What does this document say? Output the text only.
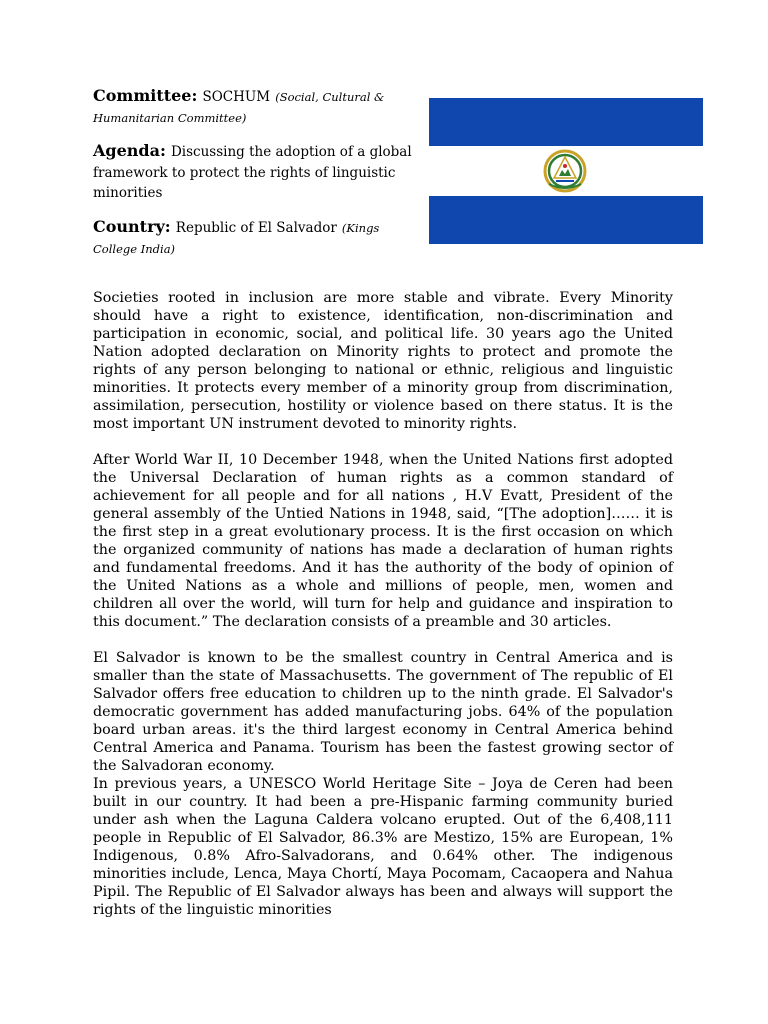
Committee: SOCHUM (Social, Cultural & Humanitarian Committee)

Agenda: Discussing the adoption of a global framework to protect the rights of linguistic minorities

Country: Republic of El Salvador (Kings College India)

Societies rooted in inclusion are more stable and vibrate. Every Minority should have a right to existence, identification, non-discrimination and participation in economic, social, and political life. 30 years ago the United Nation adopted declaration on Minority rights to protect and promote the rights of any person belonging to national or ethnic, religious and linguistic minorities. It protects every member of a minority group from discrimination, assimilation, persecution, hostility or violence based on there status. It is the most important UN instrument devoted to minority rights.

After World War II, 10 December 1948, when the United Nations first adopted the Universal Declaration of human rights as a common standard of achievement for all people and for all nations , H.V Evatt, President of the general assembly of the Untied Nations in 1948, said, “[The adoption]…… it is the first step in a great evolutionary process. It is the first occasion on which the organized community of nations has made a declaration of human rights and fundamental freedoms. And it has the authority of the body of opinion of the United Nations as a whole and millions of people, men, women and children all over the world, will turn for help and guidance and inspiration to this document.” The declaration consists of a preamble and 30 articles.

El Salvador is known to be the smallest country in Central America and is smaller than the state of Massachusetts. The government of The republic of El Salvador offers free education to children up to the ninth grade. El Salvador's democratic government has added manufacturing jobs. 64% of the population board urban areas. it's the third largest economy in Central America behind Central America and Panama. Tourism has been the fastest growing sector of the Salvadoran economy.

In previous years, a UNESCO World Heritage Site – Joya de Ceren had been built in our country. It had been a pre-Hispanic farming community buried under ash when the Laguna Caldera volcano erupted. Out of the 6,408,111 people in Republic of El Salvador, 86.3% are Mestizo, 15% are European, 1% Indigenous, 0.8% Afro-Salvadorans, and 0.64% other. The indigenous minorities include, Lenca, Maya Chortí, Maya Pocomam, Cacaopera and Nahua Pipil. The Republic of El Salvador always has been and always will support the rights of the linguistic minorities
